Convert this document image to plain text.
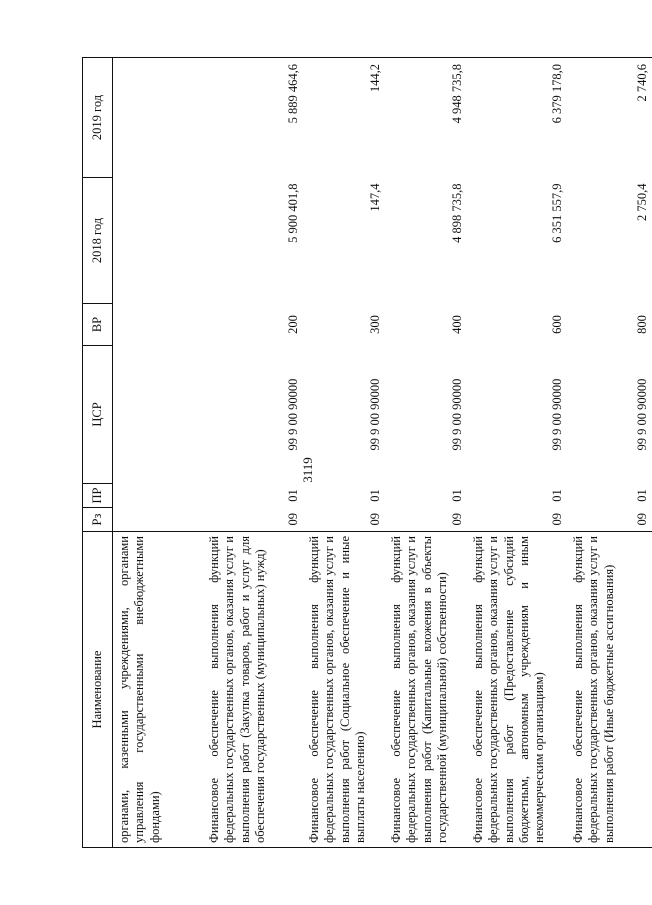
3119
Наименование	Рз	ПР	ЦСР	ВР	2018 год	2019 год
органами, казенными учреждениями, органами управления государственными внебюджетными фондами)						
Финансовое обеспечение выполнения функций федеральных государственных органов, оказания услуг и выполнения работ (Закупка товаров, работ и услуг для обеспечения государственных (муниципальных) нужд)	09	01	99 9 00 90000	200	5 900 401,8	5 889 464,6
Финансовое обеспечение выполнения функций федеральных государственных органов, оказания услуг и выполнения работ (Социальное обеспечение и иные выплаты населению)	09	01	99 9 00 90000	300	147,4	144,2
Финансовое обеспечение выполнения функций федеральных государственных органов, оказания услуг и выполнения работ (Капитальные вложения в объекты государственной (муниципальной) собственности)	09	01	99 9 00 90000	400	4 898 735,8	4 948 735,8
Финансовое обеспечение выполнения функций федеральных государственных органов, оказания услуг и выполнения работ (Предоставление субсидий бюджетным, автономным учреждениям и иным некоммерческим организациям)	09	01	99 9 00 90000	600	6 351 557,9	6 379 178,0
Финансовое обеспечение выполнения функций федеральных государственных органов, оказания услуг и выполнения работ (Иные бюджетные ассигнования)	09	01	99 9 00 90000	800	2 750,4	2 740,6
